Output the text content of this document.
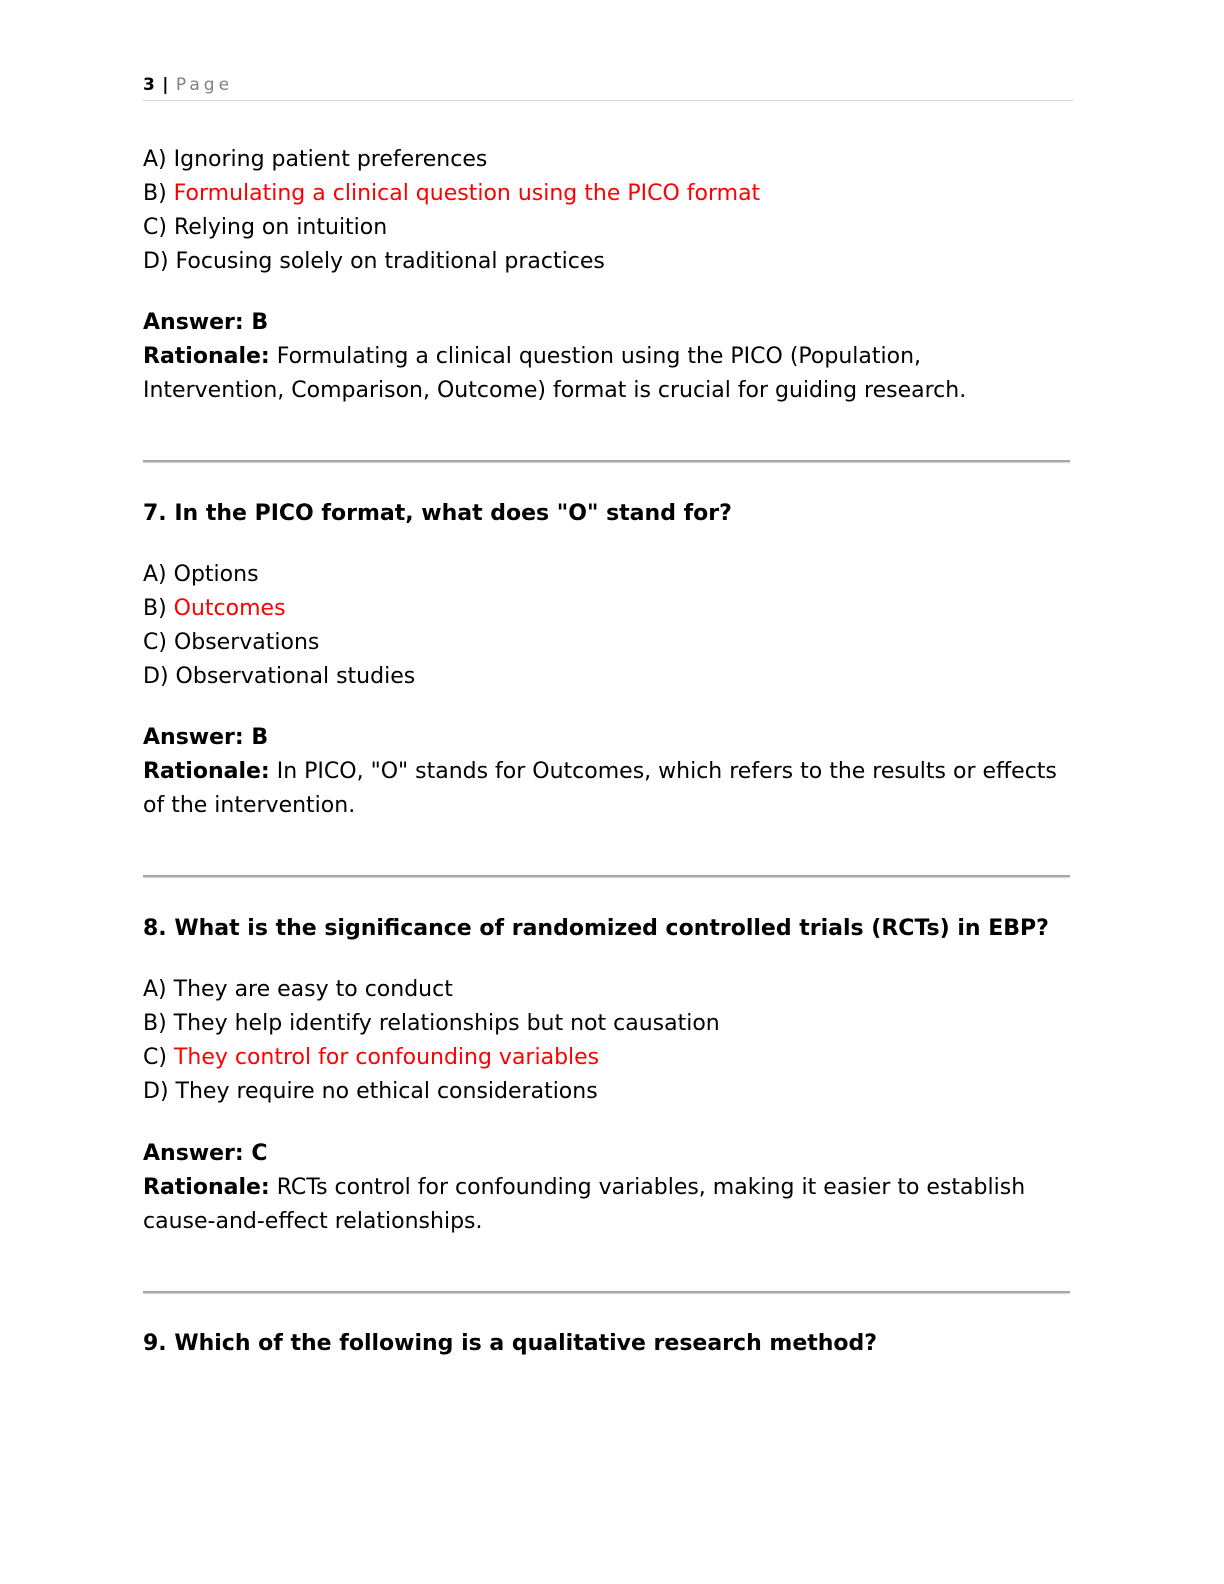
3 | Page
A) Ignoring patient preferences
B) Formulating a clinical question using the PICO format
C) Relying on intuition
D) Focusing solely on traditional practices
Answer: B
Rationale: Formulating a clinical question using the PICO (Population,
Intervention, Comparison, Outcome) format is crucial for guiding research.
7. In the PICO format, what does "O" stand for?
A) Options
B) Outcomes
C) Observations
D) Observational studies
Answer: B
Rationale: In PICO, "O" stands for Outcomes, which refers to the results or effects
of the intervention.
8. What is the significance of randomized controlled trials (RCTs) in EBP?
A) They are easy to conduct
B) They help identify relationships but not causation
C) They control for confounding variables
D) They require no ethical considerations
Answer: C
Rationale: RCTs control for confounding variables, making it easier to establish
cause-and-effect relationships.
9. Which of the following is a qualitative research method?
